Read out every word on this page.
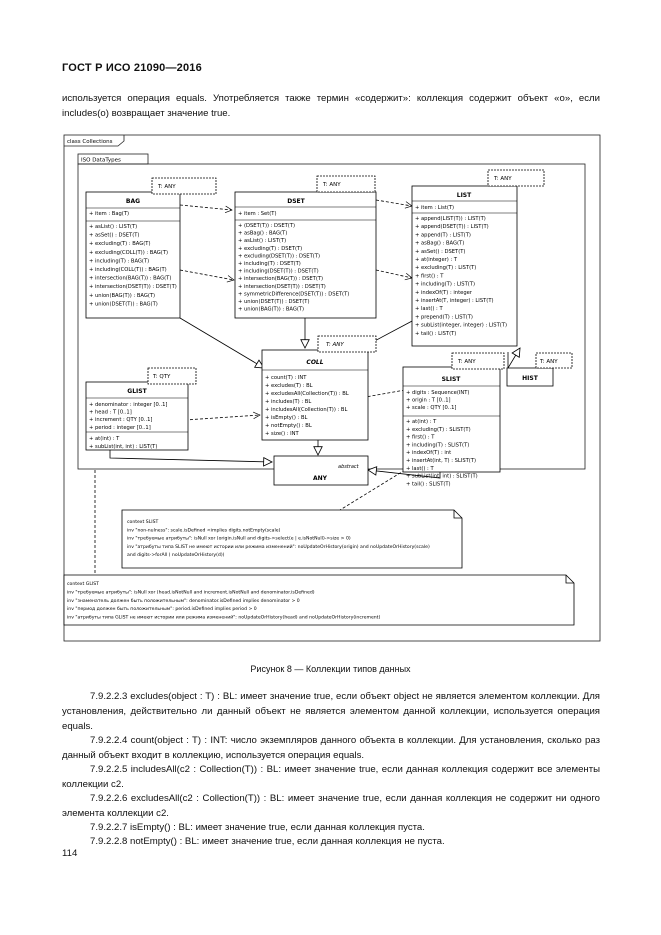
ГОСТ Р ИСО 21090—2016
используется операция equals. Употребляется также термин «содержит»: коллекция содержит объект «о», если includes(o) возвращает значение true.
class Collections
ISO DataTypes
T: ANY
BAG
+ item : Bag(T)
+ asList() : LIST(T)
+ asSet() : DSET(T)
+ excluding(T) : BAG(T)
+ excluding(COLL(T)) : BAG(T)
+ including(T) : BAG(T)
+ including(COLL(T)) : BAG(T)
+ intersection(BAG(T)) : BAG(T)
+ intersection(DSET(T)) : DSET(T)
+ union(BAG(T)) : BAG(T)
+ union(DSET(T)) : BAG(T)
T: ANY
DSET
+ item : Set(T)
+ (DSET(T)) : DSET(T)
+ asBag() : BAG(T)
+ asList() : LIST(T)
+ excluding(T) : DSET(T)
+ excluding(DSET(T)) : DSET(T)
+ including(T) : DSET(T)
+ including(DSET(T)) : DSET(T)
+ intersection(BAG(T)) : DSET(T)
+ intersection(DSET(T)) : DSET(T)
+ symmetricDifference(DSET(T)) : DSET(T)
+ union(DSET(T)) : DSET(T)
+ union(BAG(T)) : BAG(T)
T: ANY
LIST
+ item : List(T)
+ append(LIST(T)) : LIST(T)
+ append(DSET(T)) : LIST(T)
+ append(T) : LIST(T)
+ asBag() : BAG(T)
+ asSet() : DSET(T)
+ at(integer) : T
+ excluding(T) : LIST(T)
+ first() : T
+ including(T) : LIST(T)
+ indexOf(T) : integer
+ insertAt(T, integer) : LIST(T)
+ last() : T
+ prepend(T) : LIST(T)
+ subList(integer, integer) : LIST(T)
+ tail() : LIST(T)
T: ANY
COLL
+ count(T) : INT
+ excludes(T) : BL
+ excludesAll(Collection(T)) : BL
+ includes(T) : BL
+ includesAll(Collection(T)) : BL
+ isEmpty() : BL
+ notEmpty() : BL
+ size() : INT
T: QTY
GLIST
+ denominator : integer [0..1]
+ head : T [0..1]
+ increment : QTY [0..1]
+ period : integer [0..1]
+ at(int) : T
+ subList(int, int) : LIST(T)
T: ANY
SLIST
+ digits : Sequence(INT)
+ origin : T [0..1]
+ scale : QTY [0..1]
+ at(int) : T
+ excluding(T) : SLIST(T)
+ first() : T
+ including(T) : SLIST(T)
+ indexOf(T) : int
+ insertAt(int, T) : SLIST(T)
+ last() : T
+ subList(int, int) : SLIST(T)
+ tail() : SLIST(T)
T: ANY
HIST
abstract
ANY
context SLIST
inv "non-nulness": scale.isDefined <implies digits.notEmpty(scale)
inv "требуемые атрибуты": isNull xor (origin.isNull and digits->select(e | e.isNotNull)->size > 0)
inv "атрибуты типа SLIST не имеют истории или режима изменений": noUpdateOrHistory(origin) and noUpdateOrHistory(scale)
and digits->forAll ( noUpdateOrHistory(d))
context GLIST
inv "требуемые атрибуты": isNull xor (head.isNotNull and increment.isNotNull and denominator.isDefined)
inv "знаменатель должен быть положительным": denominator.isDefined implies denominator > 0
inv "период должен быть положительным": period.isDefined implies period > 0
inv "атрибуты типа GLIST не имеют истории или режима изменений": noUpdateOrHistory(head) and noUpdateOrHistory(increment)
Рисунок 8 — Коллекции типов данных
7.9.2.2.3 excludes(object : T) : BL: имеет значение true, если объект object не является элементом коллекции. Для установления, действительно ли данный объект не является элементом данной коллекции, используется операция equals.
7.9.2.2.4 count(object : T) : INT: число экземпляров данного объекта в коллекции. Для установления, сколько раз данный объект входит в коллекцию, используется операция equals.
7.9.2.2.5 includesAll(c2 : Collection(T)) : BL: имеет значение true, если данная коллекция содержит все элементы коллекции c2.
7.9.2.2.6 excludesAll(c2 : Collection(T)) : BL: имеет значение true, если данная коллекция не содержит ни одного элемента коллекции c2.
7.9.2.2.7 isEmpty() : BL: имеет значение true, если данная коллекция пуста.
7.9.2.2.8 notEmpty() : BL: имеет значение true, если данная коллекция не пуста.
114
